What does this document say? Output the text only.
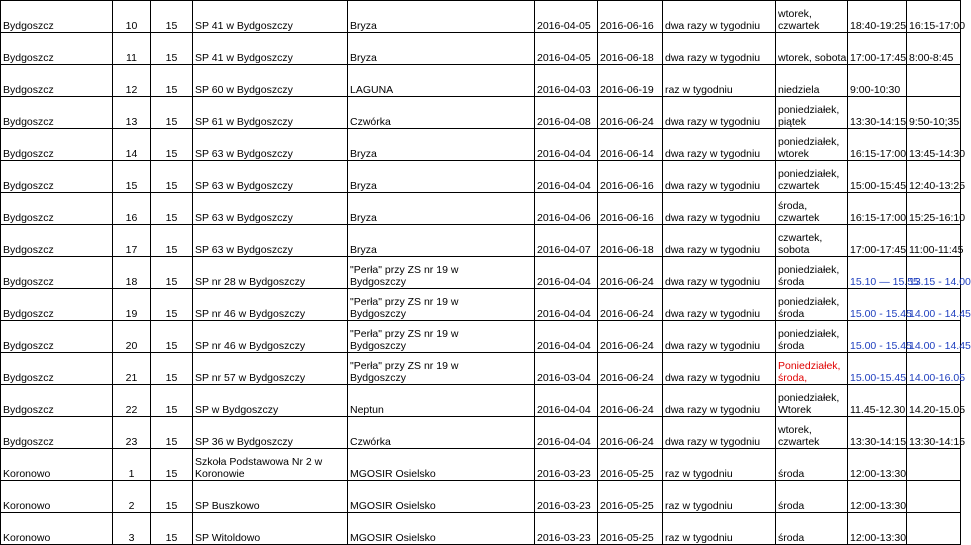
Bydgoszcz	10	15	SP 41 w Bydgoszczy	Bryza	2016-04-05	2016-06-16	dwa razy w tygodniu	wtorek,
czwartek	18:40-19:25	16:15-17:00
Bydgoszcz	11	15	SP 41 w Bydgoszczy	Bryza	2016-04-05	2016-06-18	dwa razy w tygodniu	wtorek, sobota	17:00-17:45	8:00-8:45
Bydgoszcz	12	15	SP 60 w Bydgoszczy	LAGUNA	2016-04-03	2016-06-19	raz w tygodniu	niedziela	9:00-10:30	
Bydgoszcz	13	15	SP 61 w Bydgoszczy	Czwórka	2016-04-08	2016-06-24	dwa razy w tygodniu	poniedziałek,
piątek	13:30-14:15	9:50-10;35
Bydgoszcz	14	15	SP 63 w Bydgoszczy	Bryza	2016-04-04	2016-06-14	dwa razy w tygodniu	poniedziałek,
wtorek	16:15-17:00	13:45-14:30
Bydgoszcz	15	15	SP 63 w Bydgoszczy	Bryza	2016-04-04	2016-06-16	dwa razy w tygodniu	poniedziałek,
czwartek	15:00-15:45	12:40-13:25
Bydgoszcz	16	15	SP 63 w Bydgoszczy	Bryza	2016-04-06	2016-06-16	dwa razy w tygodniu	środa,
czwartek	16:15-17:00	15:25-16:10
Bydgoszcz	17	15	SP 63 w Bydgoszczy	Bryza	2016-04-07	2016-06-18	dwa razy w tygodniu	czwartek,
sobota	17:00-17:45	11:00-11:45
Bydgoszcz	18	15	SP nr 28 w Bydgoszczy	"Perła" przy ZS nr 19 w
Bydgoszczy	2016-04-04	2016-06-24	dwa razy w tygodniu	poniedziałek,
środa	15.10 — 15.55	13.15 - 14.00
Bydgoszcz	19	15	SP nr 46 w Bydgoszczy	"Perła" przy ZS nr 19 w
Bydgoszczy	2016-04-04	2016-06-24	dwa razy w tygodniu	poniedziałek,
środa	15.00 - 15.45	14.00 - 14.45
Bydgoszcz	20	15	SP nr 46 w Bydgoszczy	"Perła" przy ZS nr 19 w
Bydgoszczy	2016-04-04	2016-06-24	dwa razy w tygodniu	poniedziałek,
środa	15.00 - 15.45	14.00 - 14.45
Bydgoszcz	21	15	SP nr 57 w Bydgoszczy	"Perła" przy ZS nr 19 w
Bydgoszczy	2016-03-04	2016-06-24	dwa razy w tygodniu	Poniedziałek,
środa,	15.00-15.45	14.00-16.05
Bydgoszcz	22	15	SP w Bydgoszczy	Neptun	2016-04-04	2016-06-24	dwa razy w tygodniu	poniedziałek,
Wtorek	11.45-12.30	14.20-15.05
Bydgoszcz	23	15	SP 36 w Bydgoszczy	Czwórka	2016-04-04	2016-06-24	dwa razy w tygodniu	wtorek,
czwartek	13:30-14:15	13:30-14:15
Koronowo	1	15	Szkoła Podstawowa Nr 2 w
Koronowie	MGOSIR Osielsko	2016-03-23	2016-05-25	raz w tygodniu	środa	12:00-13:30	
Koronowo	2	15	SP Buszkowo	MGOSIR Osielsko	2016-03-23	2016-05-25	raz w tygodniu	środa	12:00-13:30	
Koronowo	3	15	SP Witoldowo	MGOSIR Osielsko	2016-03-23	2016-05-25	raz w tygodniu	środa	12:00-13:30	
